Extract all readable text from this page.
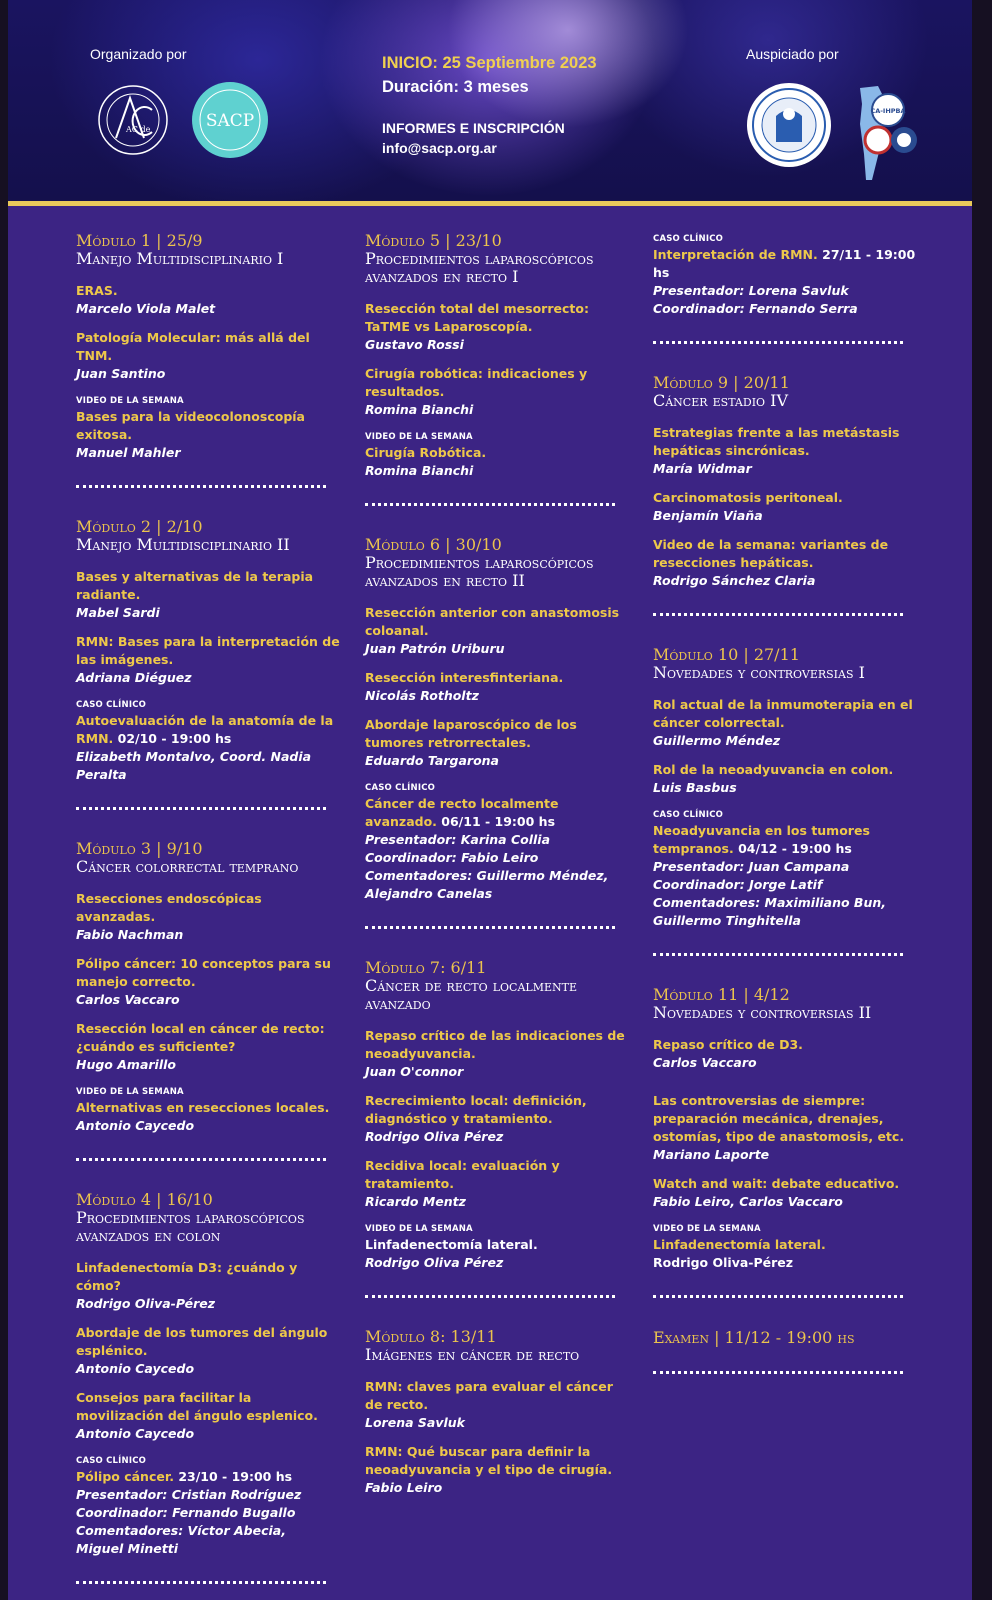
Organizado por
AC de	SACP
INICIO: 25 Septiembre 2023
Duración: 3 meses
INFORMES E INSCRIPCIÓN
info@sacp.org.ar
Auspiciado por
CA-IHPBA
Módulo 1 | 25/9
Manejo Multidisciplinario I
ERAS.
Marcelo Viola Malet
Patología Molecular: más allá del TNM.
Juan Santino
VIDEO DE LA SEMANA
Bases para la videocolonoscopía exitosa.
Manuel Mahler
Módulo 2 | 2/10
Manejo Multidisciplinario II
Bases y alternativas de la terapia radiante.
Mabel Sardi
RMN: Bases para la interpretación de las imágenes.
Adriana Diéguez
CASO CLÍNICO
Autoevaluación de la anatomía de la RMN. 02/10 - 19:00 hs
Elizabeth Montalvo, Coord. Nadia Peralta
Módulo 3 | 9/10
Cáncer colorrectal temprano
Resecciones endoscópicas avanzadas.
Fabio Nachman
Pólipo cáncer: 10 conceptos para su manejo correcto.
Carlos Vaccaro
Resección local en cáncer de recto: ¿cuándo es suficiente?
Hugo Amarillo
VIDEO DE LA SEMANA
Alternativas en resecciones locales.
Antonio Caycedo
Módulo 4 | 16/10
Procedimientos laparoscópicos avanzados en colon
Linfadenectomía D3: ¿cuándo y cómo?
Rodrigo Oliva-Pérez
Abordaje de los tumores del ángulo esplénico.
Antonio Caycedo
Consejos para facilitar la movilización del ángulo esplenico.
Antonio Caycedo
CASO CLÍNICO
Pólipo cáncer. 23/10 - 19:00 hs
Presentador: Cristian Rodríguez
Coordinador: Fernando Bugallo
Comentadores: Víctor Abecia,
Miguel Minetti
Módulo 5 | 23/10
Procedimientos laparoscópicos avanzados en recto I
Resección total del mesorrecto: TaTME vs Laparoscopía.
Gustavo Rossi
Cirugía robótica: indicaciones y resultados.
Romina Bianchi
VIDEO DE LA SEMANA
Cirugía Robótica.
Romina Bianchi
Módulo 6 | 30/10
Procedimientos laparoscópicos avanzados en recto II
Resección anterior con anastomosis coloanal.
Juan Patrón Uriburu
Resección interesfinteriana.
Nicolás Rotholtz
Abordaje laparoscópico de los tumores retrorrectales.
Eduardo Targarona
CASO CLÍNICO
Cáncer de recto localmente avanzado. 06/11 - 19:00 hs
Presentador: Karina Collia
Coordinador: Fabio Leiro
Comentadores: Guillermo Méndez,
Alejandro Canelas
Módulo 7: 6/11
Cáncer de recto localmente avanzado
Repaso crítico de las indicaciones de neoadyuvancia.
Juan O'connor
Recrecimiento local: definición, diagnóstico y tratamiento.
Rodrigo Oliva Pérez
Recidiva local: evaluación y tratamiento.
Ricardo Mentz
VIDEO DE LA SEMANA
Linfadenectomía lateral.
Rodrigo Oliva Pérez
Módulo 8: 13/11
Imágenes en cáncer de recto
RMN: claves para evaluar el cáncer de recto.
Lorena Savluk
RMN: Qué buscar para definir la neoadyuvancia y el tipo de cirugía.
Fabio Leiro
CASO CLÍNICO
Interpretación de RMN. 27/11 - 19:00 hs
Presentador: Lorena Savluk
Coordinador: Fernando Serra
Módulo 9 | 20/11
Cáncer estadio IV
Estrategias frente a las metástasis hepáticas sincrónicas.
María Widmar
Carcinomatosis peritoneal.
Benjamín Viaña
Video de la semana: variantes de resecciones hepáticas.
Rodrigo Sánchez Claria
Módulo 10 | 27/11
Novedades y controversias I
Rol actual de la inmumoterapia en el cáncer colorrectal.
Guillermo Méndez
Rol de la neoadyuvancia en colon.
Luis Basbus
CASO CLÍNICO
Neoadyuvancia en los tumores tempranos. 04/12 - 19:00 hs
Presentador: Juan Campana
Coordinador: Jorge Latif
Comentadores: Maximiliano Bun,
Guillermo Tinghitella
Módulo 11 | 4/12
Novedades y controversias II
Repaso crítico de D3.
Carlos Vaccaro
Las controversias de siempre: preparación mecánica, drenajes, ostomías, tipo de anastomosis, etc.
Mariano Laporte
Watch and wait: debate educativo.
Fabio Leiro, Carlos Vaccaro
VIDEO DE LA SEMANA
Linfadenectomía lateral.
Rodrigo Oliva-Pérez
Examen | 11/12 - 19:00 hs
